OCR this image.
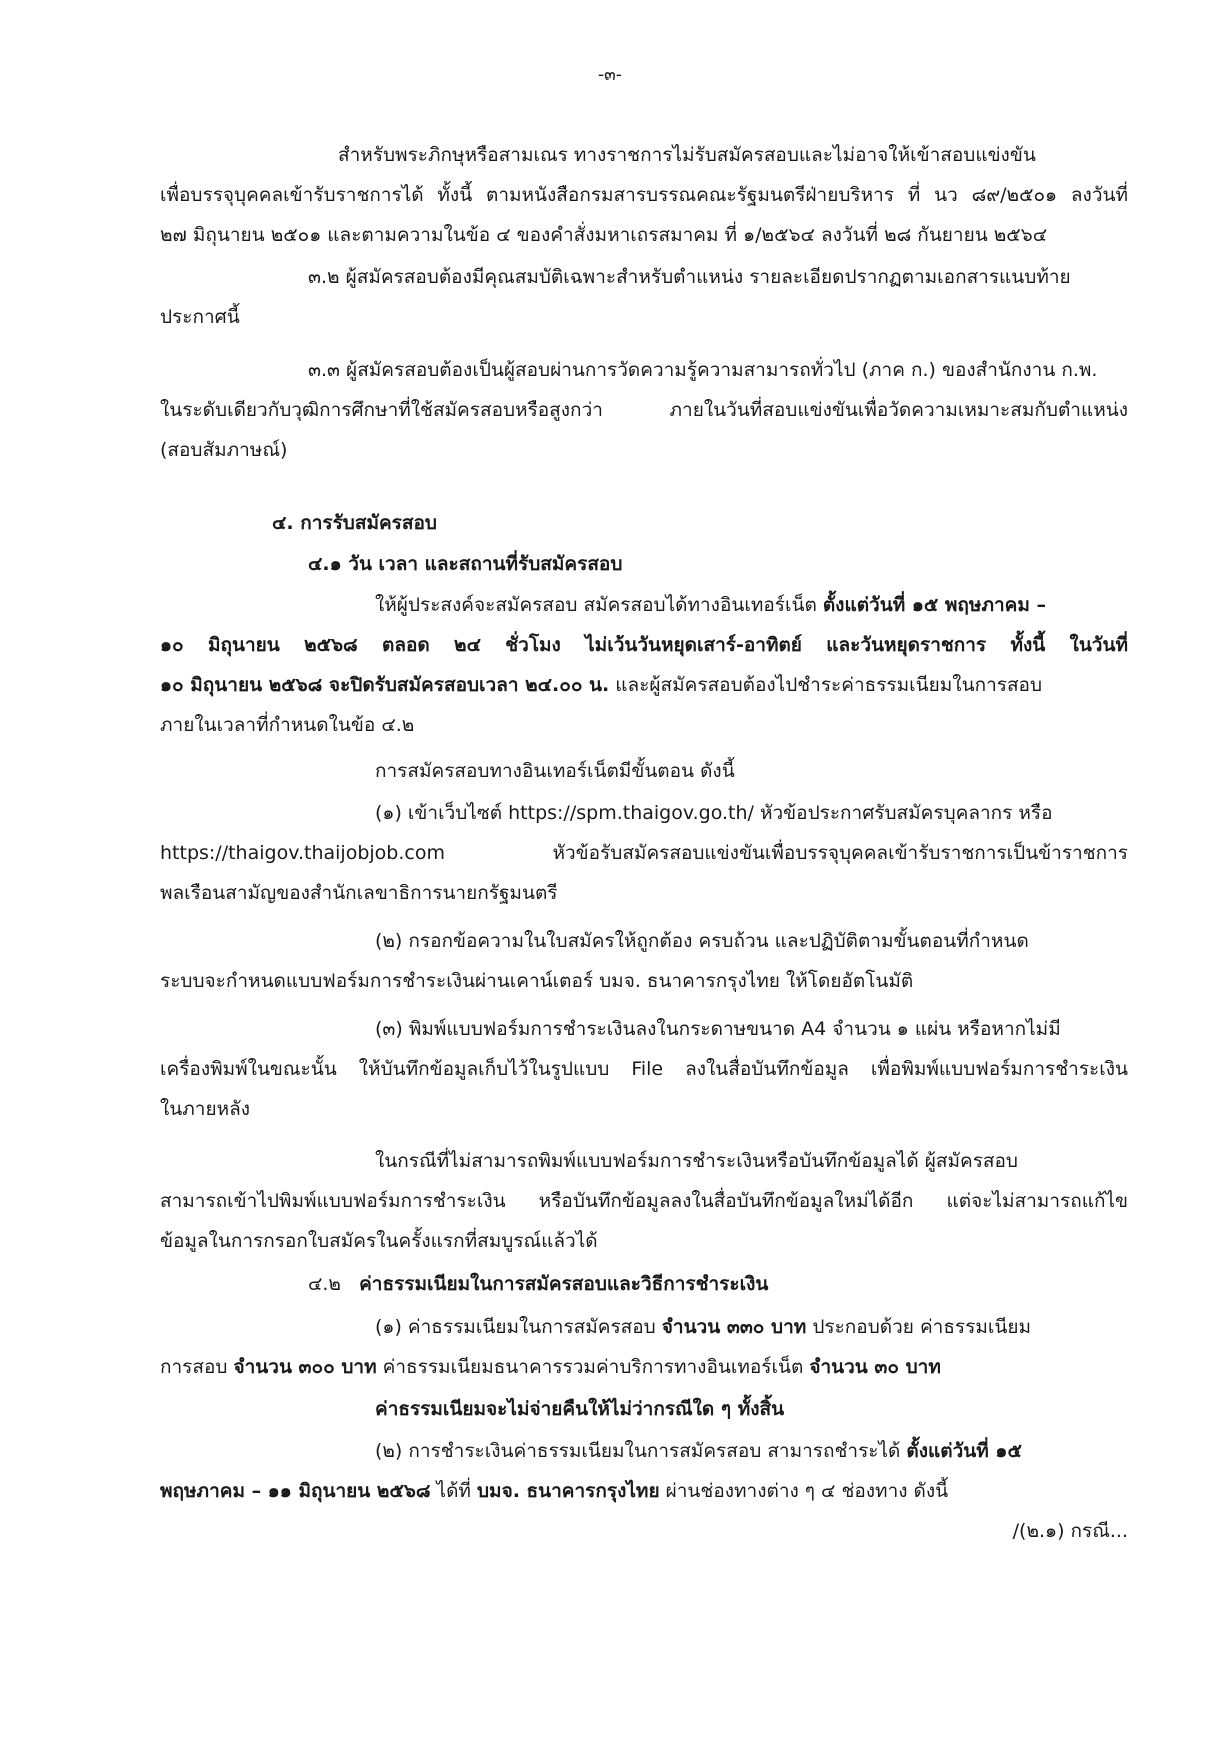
-๓-
สำหรับพระภิกษุหรือสามเณร ทางราชการไม่รับสมัครสอบและไม่อาจให้เข้าสอบแข่งขัน
เพื่อบรรจุบุคคลเข้ารับราชการได้ ทั้งนี้ ตามหนังสือกรมสารบรรณคณะรัฐมนตรีฝ่ายบริหาร ที่ นว ๘๙/๒๕๐๑ ลงวันที่
๒๗ มิถุนายน ๒๕๐๑ และตามความในข้อ ๔ ของคำสั่งมหาเถรสมาคม ที่ ๑/๒๕๖๔ ลงวันที่ ๒๘ กันยายน ๒๕๖๔
๓.๒ ผู้สมัครสอบต้องมีคุณสมบัติเฉพาะสำหรับตำแหน่ง รายละเอียดปรากฏตามเอกสารแนบท้าย
ประกาศนี้
๓.๓ ผู้สมัครสอบต้องเป็นผู้สอบผ่านการวัดความรู้ความสามารถทั่วไป (ภาค ก.) ของสำนักงาน ก.พ.
ในระดับเดียวกับวุฒิการศึกษาที่ใช้สมัครสอบหรือสูงกว่า ภายในวันที่สอบแข่งขันเพื่อวัดความเหมาะสมกับตำแหน่ง
(สอบสัมภาษณ์)
๔. การรับสมัครสอบ
๔.๑ วัน เวลา และสถานที่รับสมัครสอบ
ให้ผู้ประสงค์จะสมัครสอบ สมัครสอบได้ทางอินเทอร์เน็ต ตั้งแต่วันที่ ๑๕ พฤษภาคม –
๑๐ มิถุนายน ๒๕๖๘ ตลอด ๒๔ ชั่วโมง ไม่เว้นวันหยุดเสาร์-อาทิตย์ และวันหยุดราชการ ทั้งนี้ ในวันที่
๑๐ มิถุนายน ๒๕๖๘ จะปิดรับสมัครสอบเวลา ๒๔.๐๐ น. และผู้สมัครสอบต้องไปชำระค่าธรรมเนียมในการสอบ
ภายในเวลาที่กำหนดในข้อ ๔.๒
การสมัครสอบทางอินเทอร์เน็ตมีขั้นตอน ดังนี้
(๑) เข้าเว็บไซต์ https://spm.thaigov.go.th/ หัวข้อประกาศรับสมัครบุคลากร หรือ
https://thaigov.thaijobjob.com หัวข้อรับสมัครสอบแข่งขันเพื่อบรรจุบุคคลเข้ารับราชการเป็นข้าราชการ
พลเรือนสามัญของสำนักเลขาธิการนายกรัฐมนตรี
(๒) กรอกข้อความในใบสมัครให้ถูกต้อง ครบถ้วน และปฏิบัติตามขั้นตอนที่กำหนด
ระบบจะกำหนดแบบฟอร์มการชำระเงินผ่านเคาน์เตอร์ บมจ. ธนาคารกรุงไทย ให้โดยอัตโนมัติ
(๓) พิมพ์แบบฟอร์มการชำระเงินลงในกระดาษขนาด A4 จำนวน ๑ แผ่น หรือหากไม่มี
เครื่องพิมพ์ในขณะนั้น ให้บันทึกข้อมูลเก็บไว้ในรูปแบบ File ลงในสื่อบันทึกข้อมูล เพื่อพิมพ์แบบฟอร์มการชำระเงิน
ในภายหลัง
ในกรณีที่ไม่สามารถพิมพ์แบบฟอร์มการชำระเงินหรือบันทึกข้อมูลได้ ผู้สมัครสอบ
สามารถเข้าไปพิมพ์แบบฟอร์มการชำระเงิน หรือบันทึกข้อมูลลงในสื่อบันทึกข้อมูลใหม่ได้อีก แต่จะไม่สามารถแก้ไข
ข้อมูลในการกรอกใบสมัครในครั้งแรกที่สมบูรณ์แล้วได้
๔.๒ ค่าธรรมเนียมในการสมัครสอบและวิธีการชำระเงิน
(๑) ค่าธรรมเนียมในการสมัครสอบ จำนวน ๓๓๐ บาท ประกอบด้วย ค่าธรรมเนียม
การสอบ จำนวน ๓๐๐ บาท ค่าธรรมเนียมธนาคารรวมค่าบริการทางอินเทอร์เน็ต จำนวน ๓๐ บาท
ค่าธรรมเนียมจะไม่จ่ายคืนให้ไม่ว่ากรณีใด ๆ ทั้งสิ้น
(๒) การชำระเงินค่าธรรมเนียมในการสมัครสอบ สามารถชำระได้ ตั้งแต่วันที่ ๑๕
พฤษภาคม – ๑๑ มิถุนายน ๒๕๖๘ ได้ที่ บมจ. ธนาคารกรุงไทย ผ่านช่องทางต่าง ๆ ๔ ช่องทาง ดังนี้
/(๒.๑) กรณี...
